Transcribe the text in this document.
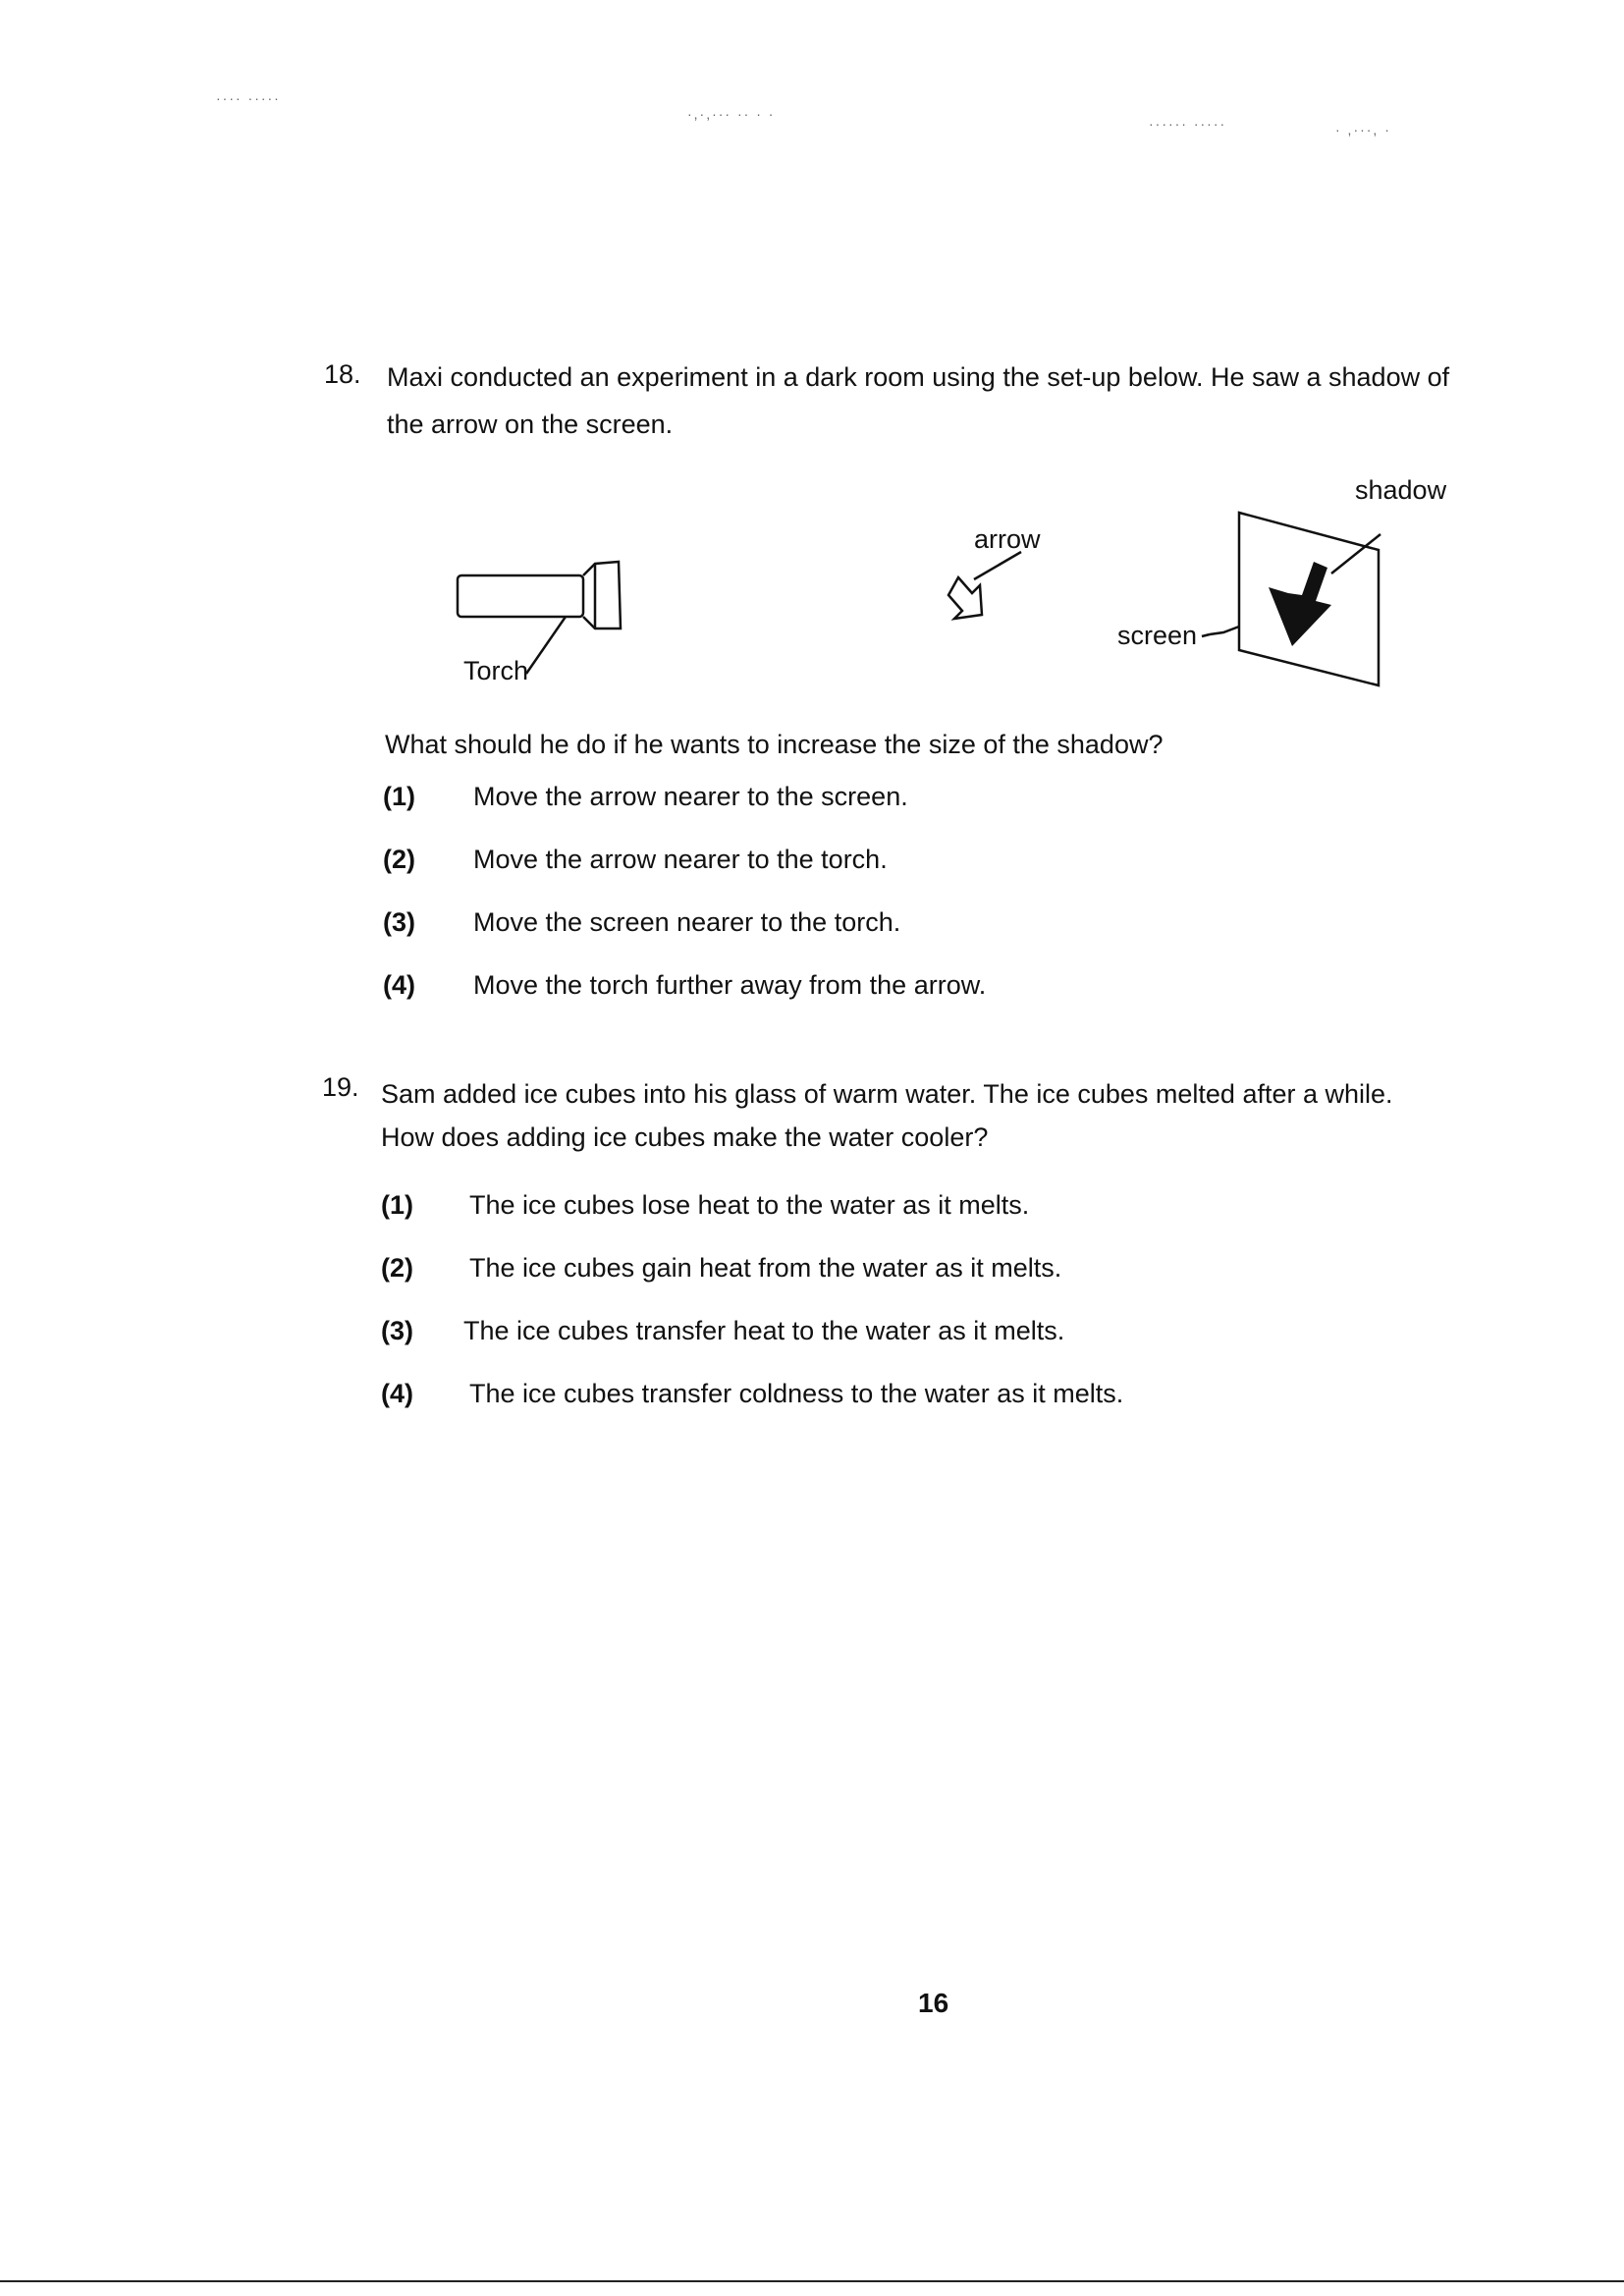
···· ·····
·,·,··· ·· · ·
······ ·····	· ,···, ·
18. Maxi conducted an experiment in a dark room using the set-up below. He saw a shadow of
the arrow on the screen.
shadow
arrow
Torch
screen
What should he do if he wants to increase the size of the shadow?
(1) Move the arrow nearer to the screen.
(2) Move the arrow nearer to the torch.
(3) Move the screen nearer to the torch.
(4) Move the torch further away from the arrow.
19. Sam added ice cubes into his glass of warm water. The ice cubes melted after a while.
How does adding ice cubes make the water cooler?
(1) The ice cubes lose heat to the water as it melts.
(2) The ice cubes gain heat from the water as it melts.
(3) The ice cubes transfer heat to the water as it melts.
(4) The ice cubes transfer coldness to the water as it melts.
16
